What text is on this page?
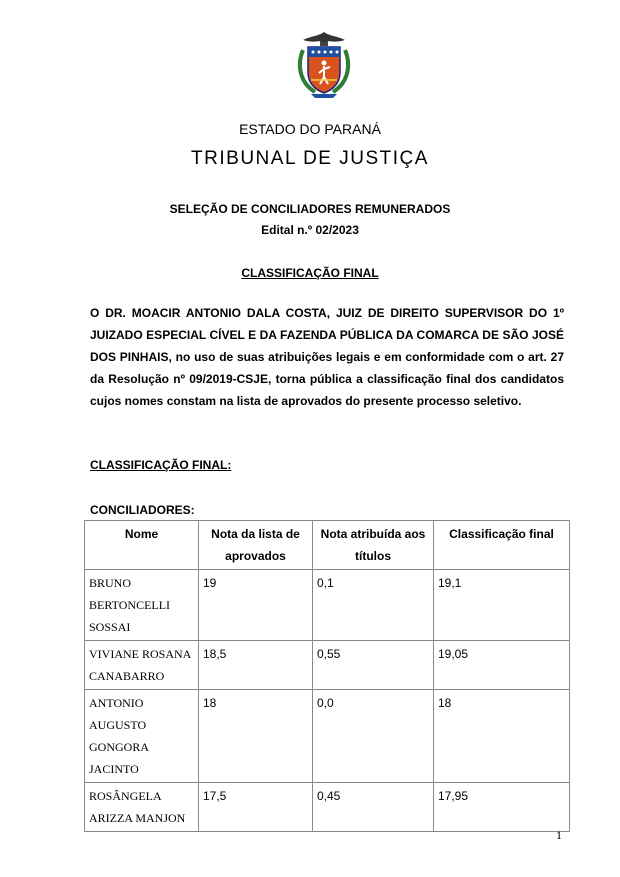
ESTADO DO PARANÁ
TRIBUNAL DE JUSTIÇA
SELEÇÃO DE CONCILIADORES REMUNERADOS
Edital n.º 02/2023
CLASSIFICAÇÃO FINAL
O DR. MOACIR ANTONIO DALA COSTA, JUIZ DE DIREITO SUPERVISOR DO 1º JUIZADO ESPECIAL CÍVEL E DA FAZENDA PÚBLICA DA COMARCA DE SÃO JOSÉ DOS PINHAIS, no uso de suas atribuições legais e em conformidade com o art. 27 da Resolução nº 09/2019-CSJE, torna pública a classificação final dos candidatos cujos nomes constam na lista de aprovados do presente processo seletivo.
CLASSIFICAÇÃO FINAL:
CONCILIADORES:
Nome	Nota da lista de aprovados	Nota atribuída aos títulos	Classificação final
BRUNO BERTONCELLI SOSSAI	19	0,1	19,1
VIVIANE ROSANA CANABARRO	18,5	0,55	19,05
ANTONIO AUGUSTO GONGORA JACINTO	18	0,0	18
ROSÂNGELA ARIZZA MANJON	17,5	0,45	17,95
1
